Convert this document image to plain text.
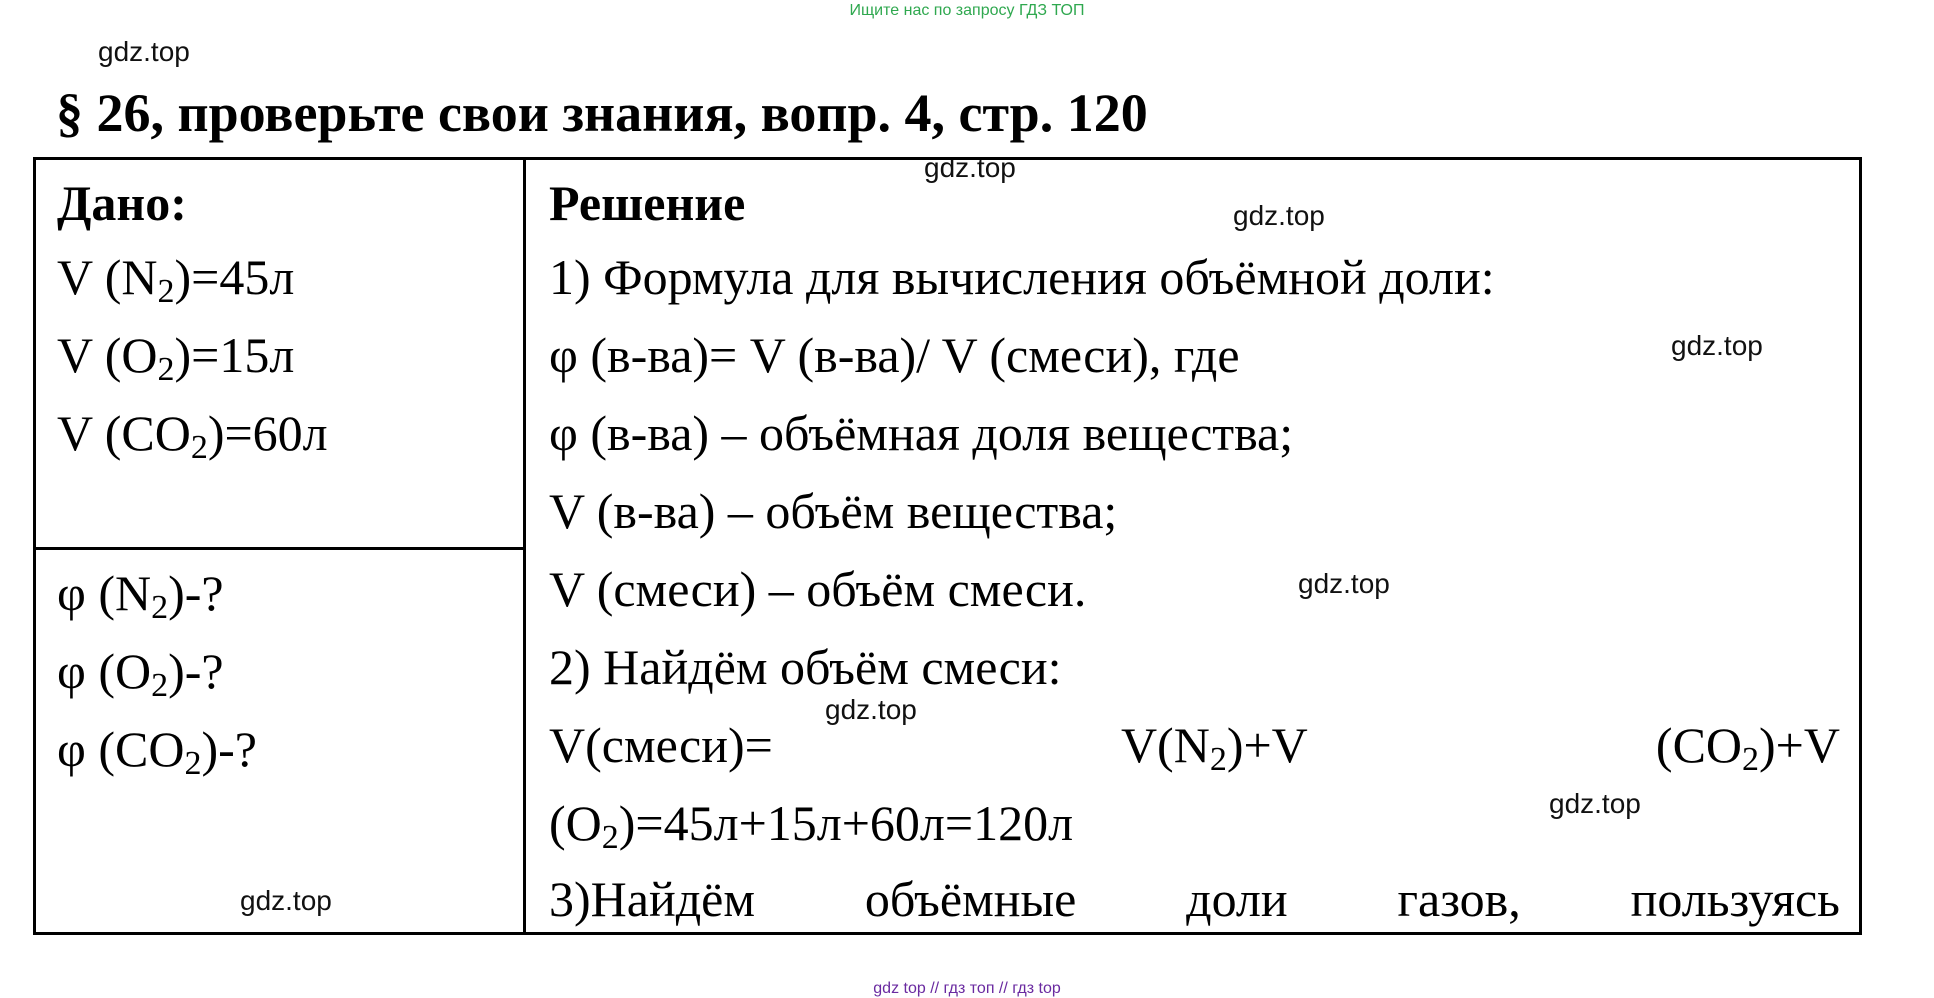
Ищите нас по запросу ГДЗ ТОП
gdz.top
gdz.top
gdz.top
gdz.top
gdz.top
gdz.top
gdz.top
gdz.top
§ 26, проверьте свои знания, вопр. 4, стр. 120
Дано:
V $(N_2)=45л$
V $(O_2)=15л$
V $(CO_2)=60л$
φ $(N_2)-$?
φ $(O_2)-$?
φ $(CO_2)-$?
Решение
1) Формула для вычисления объёмной доли:
φ (в-ва)= V (в-ва)/ V (смеси), где
φ (в-ва) – объёмная доля вещества;
V (в-ва) – объём вещества;
V (смеси) – объём смеси.
2) Найдём объём смеси:
V(смеси)=	$V(N_2)+V$	$(CO_2)+V$
$(O_2)=45л+15л+60л=120л$
3)Найдём объёмные доли газов, пользуясь
gdz top // гдз топ // гдз top
